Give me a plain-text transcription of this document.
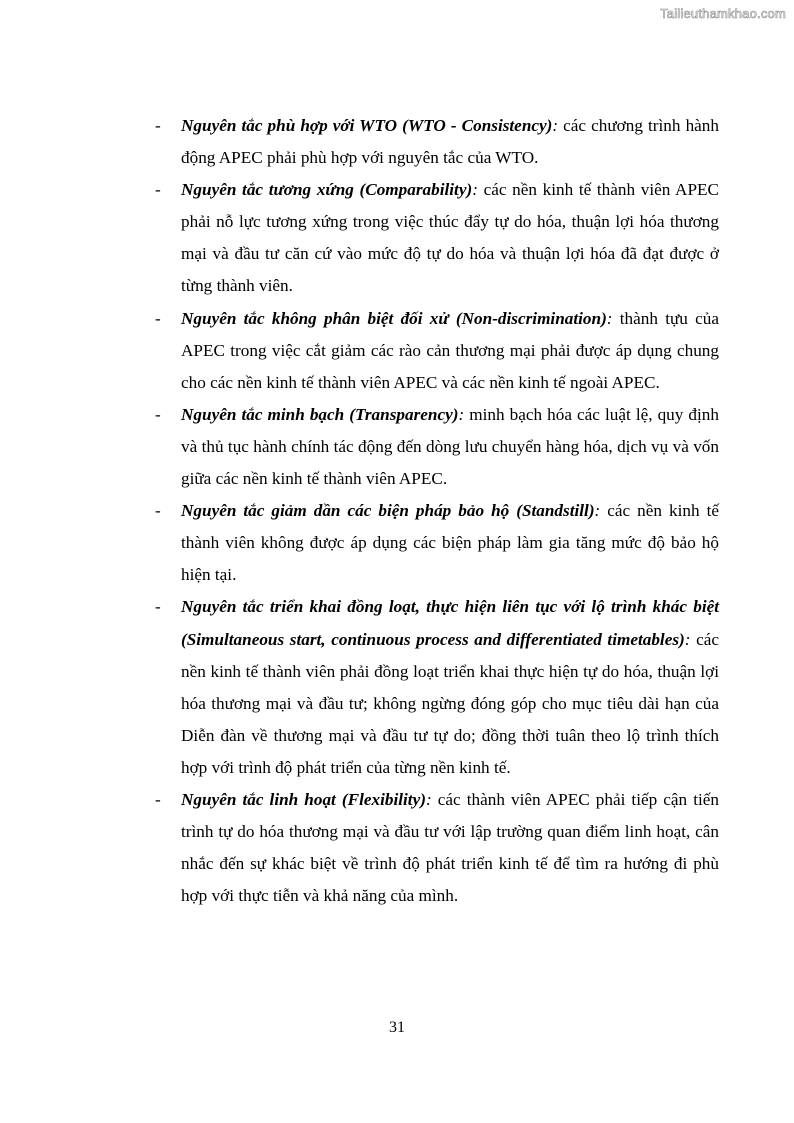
Tailieuthamkhao.com
- Nguyên tắc phù hợp với WTO (WTO - Consistency): các chương trình hành động APEC phải phù hợp với nguyên tắc của WTO.
- Nguyên tắc tương xứng (Comparability): các nền kinh tế thành viên APEC phải nỗ lực tương xứng trong việc thúc đẩy tự do hóa, thuận lợi hóa thương mại và đầu tư căn cứ vào mức độ tự do hóa và thuận lợi hóa đã đạt được ở từng thành viên.
- Nguyên tắc không phân biệt đối xử (Non-discrimination): thành tựu của APEC trong việc cắt giảm các rào cản thương mại phải được áp dụng chung cho các nền kinh tế thành viên APEC và các nền kinh tế ngoài APEC.
- Nguyên tắc minh bạch (Transparency): minh bạch hóa các luật lệ, quy định và thủ tục hành chính tác động đến dòng lưu chuyển hàng hóa, dịch vụ và vốn giữa các nền kinh tế thành viên APEC.
- Nguyên tắc giảm dần các biện pháp bảo hộ (Standstill): các nền kinh tế thành viên không được áp dụng các biện pháp làm gia tăng mức độ bảo hộ hiện tại.
- Nguyên tắc triển khai đồng loạt, thực hiện liên tục với lộ trình khác biệt (Simultaneous start, continuous process and differentiated timetables): các nền kinh tế thành viên phải đồng loạt triển khai thực hiện tự do hóa, thuận lợi hóa thương mại và đầu tư; không ngừng đóng góp cho mục tiêu dài hạn của Diễn đàn về thương mại và đầu tư tự do; đồng thời tuân theo lộ trình thích hợp với trình độ phát triển của từng nền kinh tế.
- Nguyên tắc linh hoạt (Flexibility): các thành viên APEC phải tiếp cận tiến trình tự do hóa thương mại và đầu tư với lập trường quan điểm linh hoạt, cân nhắc đến sự khác biệt về trình độ phát triển kinh tế để tìm ra hướng đi phù hợp với thực tiễn và khả năng của mình.
31
